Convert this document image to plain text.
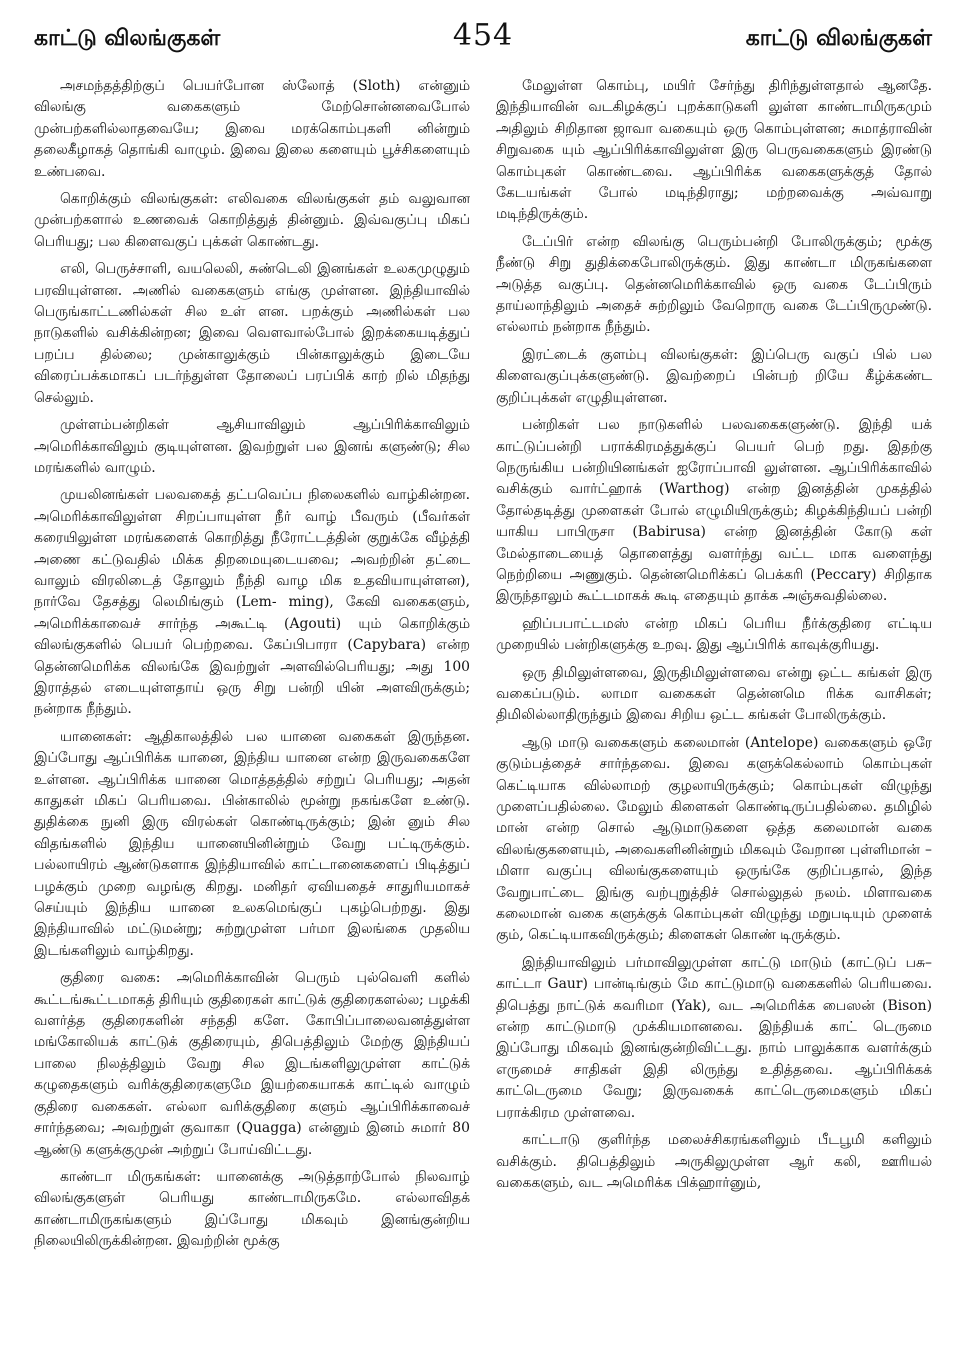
காட்டு விலங்குகள்	454	காட்டு விலங்குகள்

அசமந்தத்திற்குப் பெயர்போன ஸ்லோத் (Sloth) என்னும் விலங்கு வகைகளும் மேற்சொன்னவைபோல் முன்பற்களில்லாதவையே; இவை மரக்கொம்புகளி னின்றும் தலைகீழாகத் தொங்கி வாழும். இவை இலை களையும் பூச்சிகளையும் உண்பவை.

கொறிக்கும் விலங்குகள்: எலிவகை விலங்குகள் தம் வலுவான முன்பற்களால் உணவைக் கொறித்துத் தின்னும். இவ்வகுப்பு மிகப் பெரியது; பல கிளைவகுப் புக்கள் கொண்டது.

எலி, பெருச்சாளி, வயலெலி, சுண்டெலி இனங்கள் உலகமுழுதும் பரவியுள்ளன. அணில் வகைகளும் எங்கு முள்ளன. இந்தியாவில் பெருங்காட்டணில்கள் சில உள் ளன. பறக்கும் அணில்கள் பல நாடுகளில் வசிக்கின்றன; இவை வௌவால்போல் இறக்கையடித்துப் பறப்ப தில்லை; முன்காலுக்கும் பின்காலுக்கும் இடையே விரைப்பக்கமாகப் படர்ந்துள்ள தோலைப் பரப்பிக் காற் றில் மிதந்து செல்லும்.

முள்ளம்பன்றிகள் ஆசியாவிலும் ஆப்பிரிக்காவிலும் அமெரிக்காவிலும் குடியுள்ளன. இவற்றுள் பல இனங் களுண்டு; சில மரங்களில் வாழும்.

முயலினங்கள் பலவகைத் தட்பவெப்ப நிலைகளில் வாழ்கின்றன. அமெரிக்காவிலுள்ள சிறப்பாயுள்ள நீர் வாழ் பீவரும் (பீவர்கள் கரையிலுள்ள மரங்களைக் கொறித்து நீரோட்டத்தின் குறுக்கே வீழ்த்தி அணை கட்டுவதில் மிக்க திறமையுடையவை; அவற்றின் தட்டை வாலும் விரலிடைத் தோலும் நீந்தி வாழ மிக உதவியாயுள்ளன), நார்வே தேசத்து லெமிங்கும் (Lem- ming), கேவி வகைகளும், அமெரிக்காவைச் சார்ந்த அகூட்டி (Agouti) யும் கொறிக்கும் விலங்குகளில் பெயர் பெற்றவை. கேப்பிபாரா (Capybara) என்ற தென்னமெரிக்க விலங்கே இவற்றுள் அளவில்பெரியது; அது 100 இராத்தல் எடையுள்ளதாய் ஒரு சிறு பன்றி யின் அளவிருக்கும்; நன்றாக நீந்தும்.

யானைகள்: ஆதிகாலத்தில் பல யானை வகைகள் இருந்தன. இப்போது ஆப்பிரிக்க யானை, இந்திய யானை என்ற இருவகைகளே உள்ளன. ஆப்பிரிக்க யானை மொத்தத்தில் சற்றுப் பெரியது; அதன் காதுகள் மிகப் பெரியவை. பின்காலில் மூன்று நகங்களே உண்டு. துதிக்கை நுனி இரு விரல்கள் கொண்டிருக்கும்; இன் னும் சில விதங்களில் இந்திய யானையினின்றும் வேறு பட்டிருக்கும். பல்லாயிரம் ஆண்டுகளாக இந்தியாவில் காட்டானைகளைப் பிடித்துப் பழக்கும் முறை வழங்கு கிறது. மனிதர் ஏவியதைச் சாதுரியமாகச் செய்யும் இந்திய யானை உலகமெங்குப் புகழ்பெற்றது. இது இந்தியாவில் மட்டுமன்று; சுற்றுமுள்ள பர்மா இலங்கை முதலிய இடங்களிலும் வாழ்கிறது.

குதிரை வகை: அமெரிக்காவின் பெரும் புல்வெளி களில் கூட்டங்கூட்டமாகத் திரியும் குதிரைகள் காட்டுக் குதிரைகளல்ல; பழக்கி வளர்த்த குதிரைகளின் சந்ததி களே. கோபிப்பாலைவனத்துள்ள மங்கோலியக் காட்டுக் குதிரையும், திபெத்திலும் மேற்கு இந்தியப் பாலை நிலத்திலும் வேறு சில இடங்களிலுமுள்ள காட்டுக் கழுதைகளும் வரிக்குதிரைகளுமே இயற்கையாகக் காட்டில் வாழும் குதிரை வகைகள். எல்லா வரிக்குதிரை களும் ஆப்பிரிக்காவைச் சார்ந்தவை; அவற்றுள் குவாகா (Quagga) என்னும் இனம் சுமார் 80 ஆண்டு களுக்குமுன் அற்றுப் போய்விட்டது.

காண்டா மிருகங்கள்: யானைக்கு அடுத்தாற்போல் நிலவாழ் விலங்குகளுள் பெரியது காண்டாமிருகமே. எல்லாவிதக் காண்டாமிருகங்களும் இப்போது மிகவும் இனங்குன்றிய நிலையிலிருக்கின்றன. இவற்றின் மூக்கு

மேலுள்ள கொம்பு, மயிர் சேர்ந்து திரிந்துள்ளதால் ஆனதே. இந்தியாவின் வடகிழக்குப் புறக்காடுகளி லுள்ள காண்டாமிருகமும் அதிலும் சிறிதான ஜாவா வகையும் ஒரு கொம்புள்ளன; சுமாத்ராவின் சிறுவகை யும் ஆப்பிரிக்காவிலுள்ள இரு பெருவகைகளும் இரண்டு கொம்புகள் கொண்டவை. ஆப்பிரிக்க வகைகளுக்குத் தோல் கேடயங்கள் போல் மடிந்திராது; மற்றவைக்கு அவ்வாறு மடிந்திருக்கும்.

டேப்பிர் என்ற விலங்கு பெரும்பன்றி போலிருக்கும்; மூக்கு நீண்டு சிறு துதிக்கைபோலிருக்கும். இது காண்டா மிருகங்களை அடுத்த வகுப்பு. தென்னமெரிக்காவில் ஒரு வகை டேப்பிரும் தாய்லாந்திலும் அதைச் சுற்றிலும் வேறொரு வகை டேப்பிருமுண்டு. எல்லாம் நன்றாக நீந்தும்.

இரட்டைக் குளம்பு விலங்குகள்: இப்பெரு வகுப் பில் பல கிளைவகுப்புக்களுண்டு. இவற்றைப் பின்பற் றியே கீழ்க்கண்ட குறிப்புக்கள் எழுதியுள்ளன.

பன்றிகள் பல நாடுகளில் பலவகைகளுண்டு. இந்தி யக் காட்டுப்பன்றி பராக்கிரமத்துக்குப் பெயர் பெற் றது. இதற்கு நெருங்கிய பன்றியினங்கள் ஐரோப்பாவி லுள்ளன. ஆப்பிரிக்காவில் வசிக்கும் வார்ட்ஹாக் (Warthog) என்ற இனத்தின் முகத்தில் தோல்தடித்து முளைகள் போல் எழுமியிருக்கும்; கிழக்கிந்தியப் பன்றி யாகிய பாபிருசா (Babirusa) என்ற இனத்தின் கோடு கள் மேல்தாடையைத் தொளைத்து வளர்ந்து வட்ட மாக வளைந்து நெற்றியை அணுகும். தென்னமெரிக்கப் பெக்கரி (Peccary) சிறிதாக இருந்தாலும் கூட்டமாகக் கூடி எதையும் தாக்க அஞ்சுவதில்லை.

ஹிப்பபாட்டமஸ் என்ற மிகப் பெரிய நீர்க்குதிரை எட்டிய முறையில் பன்றிகளுக்கு உறவு. இது ஆப்பிரிக் காவுக்குரியது.

ஒரு திமிலுள்ளவை, இருதிமிலுள்ளவை என்று ஒட்ட கங்கள் இரு வகைப்படும். லாமா வகைகள் தென்னமெ ரிக்க வாசிகள்; திமிலில்லாதிருந்தும் இவை சிறிய ஒட்ட கங்கள் போலிருக்கும்.

ஆடு மாடு வகைகளும் கலைமான் (Antelope) வகைகளும் ஒரே குடும்பத்தைச் சார்ந்தவை. இவை களுக்கெல்லாம் கொம்புகள் கெட்டியாக வில்லாமற் குழலாயிருக்கும்; கொம்புகள் விழுந்து முளைப்பதில்லை. மேலும் கிளைகள் கொண்டிருப்பதில்லை. தமிழில் மான் என்ற சொல் ஆடுமாடுகளை ஒத்த கலைமான் வகை விலங்குகளையும், அவைகளினின்றும் மிகவும் வேறான புள்ளிமான் – மிளா வகுப்பு விலங்குகளையும் ஒருங்கே குறிப்பதால், இந்த வேறுபாட்டை இங்கு வற்புறுத்திச் சொல்லுதல் நலம். மிளாவகை கலைமான் வகை களுக்குக் கொம்புகள் விழுந்து மறுபடியும் முளைக் கும், கெட்டியாகவிருக்கும்; கிளைகள் கொண் டிருக்கும்.

இந்தியாவிலும் பர்மாவிலுமுள்ள காட்டு மாடும் (காட்டுப் பசு–காட்டா Gaur) பான்டிங்கும் மே காட்டுமாடு வகைகளில் பெரியவை. திபெத்து நாட்டுக் கவரிமா (Yak), வட அமெரிக்க பைஸன் (Bison) என்ற காட்டுமாடு முக்கியமானவை. இந்தியக் காட் டெருமை இப்போது மிகவும் இனங்குன்றிவிட்டது. நாம் பாலுக்காக வளர்க்கும் எருமைச் சாதிகள் இதி லிருந்து உதித்தவை. ஆப்பிரிக்கக் காட்டெருமை வேறு; இருவகைக் காட்டெருமைகளும் மிகப் பராக்கிரம முள்ளவை.

காட்டாடு குளிர்ந்த மலைச்சிகரங்களிலும் பீடபூமி களிலும் வசிக்கும். திபெத்திலும் அருகிலுமுள்ள ஆர் கலி, ஊரியல் வகைகளும், வட அமெரிக்க பிக்ஹார்னும்,
